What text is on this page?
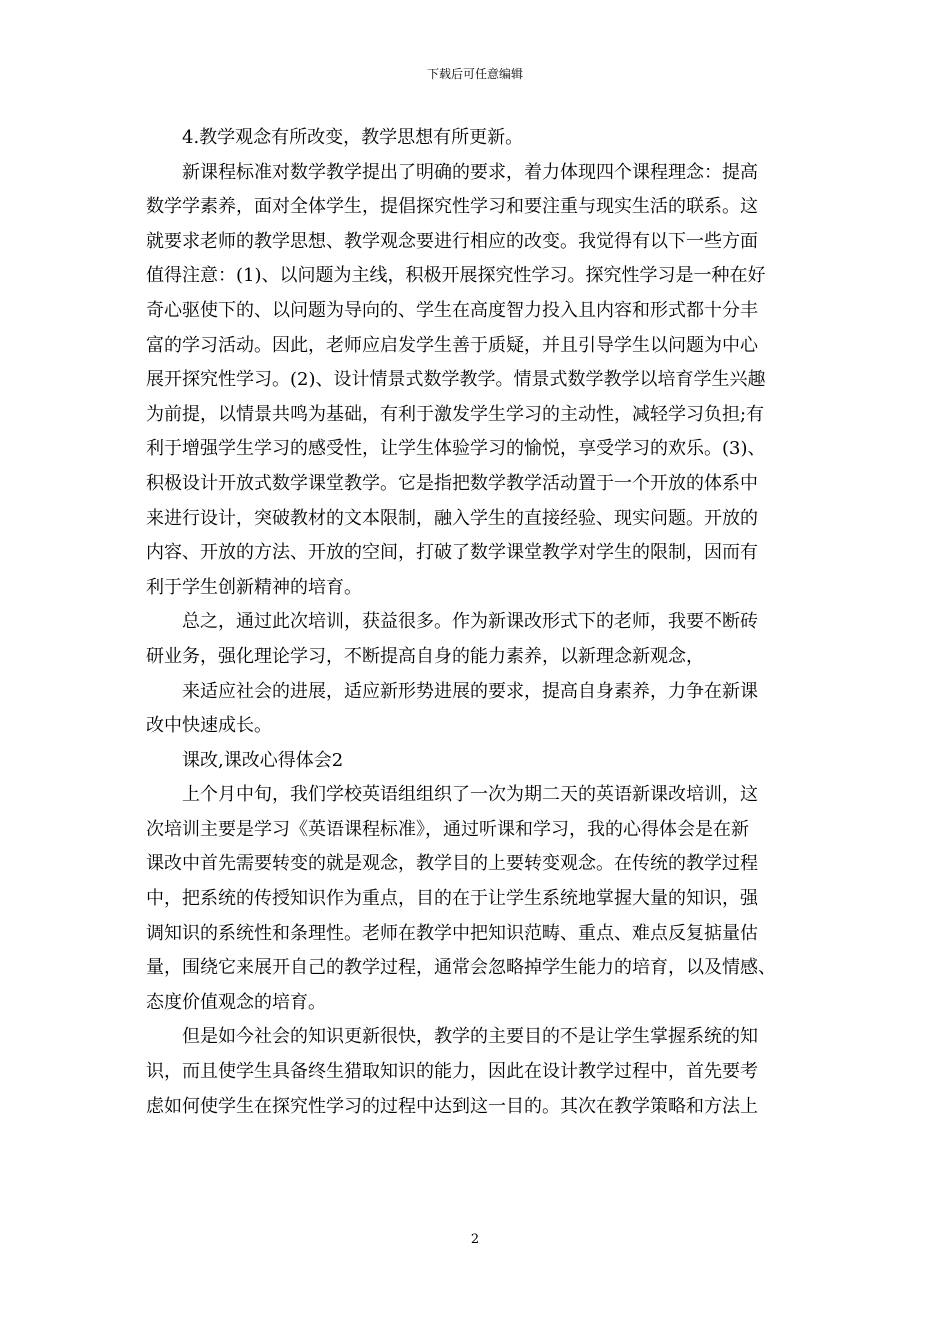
下载后可任意编辑

4.教学观念有所改变，教学思想有所更新。

新课程标准对数学教学提出了明确的要求，着力体现四个课程理念：提高

数学学素养，面对全体学生，提倡探究性学习和要注重与现实生活的联系。这

就要求老师的教学思想、教学观念要进行相应的改变。我觉得有以下一些方面

值得注意：(1)、以问题为主线，积极开展探究性学习。探究性学习是一种在好

奇心驱使下的、以问题为导向的、学生在高度智力投入且内容和形式都十分丰

富的学习活动。因此，老师应启发学生善于质疑，并且引导学生以问题为中心

展开探究性学习。(2)、设计情景式数学教学。情景式数学教学以培育学生兴趣

为前提，以情景共鸣为基础，有利于激发学生学习的主动性，减轻学习负担;有

利于增强学生学习的感受性，让学生体验学习的愉悦，享受学习的欢乐。(3)、

积极设计开放式数学课堂教学。它是指把数学教学活动置于一个开放的体系中

来进行设计，突破教材的文本限制，融入学生的直接经验、现实问题。开放的

内容、开放的方法、开放的空间，打破了数学课堂教学对学生的限制，因而有

利于学生创新精神的培育。

总之，通过此次培训，获益很多。作为新课改形式下的老师，我要不断砖

研业务，强化理论学习，不断提高自身的能力素养，以新理念新观念，

来适应社会的进展，适应新形势进展的要求，提高自身素养，力争在新课

改中快速成长。

课改,课改心得体会2

上个月中旬，我们学校英语组组织了一次为期二天的英语新课改培训，这

次培训主要是学习《英语课程标准》，通过听课和学习，我的心得体会是在新

课改中首先需要转变的就是观念，教学目的上要转变观念。在传统的教学过程

中，把系统的传授知识作为重点，目的在于让学生系统地掌握大量的知识，强

调知识的系统性和条理性。老师在教学中把知识范畴、重点、难点反复掂量估

量，围绕它来展开自己的教学过程，通常会忽略掉学生能力的培育，以及情感、

态度价值观念的培育。

但是如今社会的知识更新很快，教学的主要目的不是让学生掌握系统的知

识，而且使学生具备终生猎取知识的能力，因此在设计教学过程中，首先要考

虑如何使学生在探究性学习的过程中达到这一目的。其次在教学策略和方法上

2
